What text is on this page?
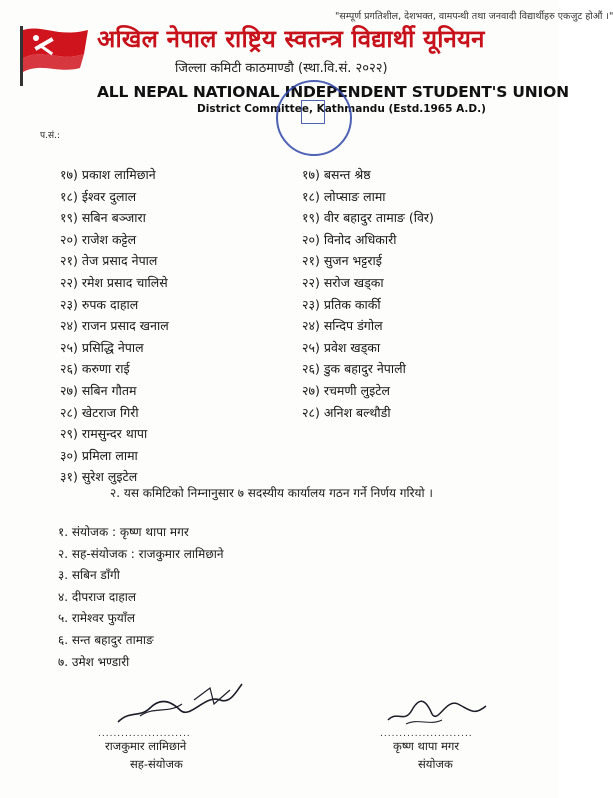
"सम्पूर्ण प्रगतिशील, देशभक्त, वामपन्थी तथा जनवादी विद्यार्थीहरु एकजुट होऔं ।"
अखिल नेपाल राष्ट्रिय स्वतन्त्र विद्यार्थी यूनियन
जिल्ला कमिटी काठमाण्डौ (स्था.वि.सं. २०२२)
ALL NEPAL NATIONAL INDEPENDENT STUDENT'S UNION
District Committee, Kathmandu (Estd.1965 A.D.)
प.सं.:
१७) प्रकाश लामिछाने
१८) ईश्वर दुलाल
१९) सबिन बञ्जारा
२०) राजेश कट्टेल
२१) तेज प्रसाद नेपाल
२२) रमेश प्रसाद चालिसे
२३) रुपक दाहाल
२४) राजन प्रसाद खनाल
२५) प्रसिद्धि नेपाल
२६) करुणा राई
२७) सबिन गौतम
२८) खेटराज गिरी
२९) रामसुन्दर थापा
३०) प्रमिला लामा
३१) सुरेश लुइटेल
१७) बसन्त श्रेष्ठ
१८) लोप्साङ लामा
१९) वीर बहादुर तामाङ (विर)
२०) विनोद अधिकारी
२१) सुजन भट्टराई
२२) सरोज खड्का
२३) प्रतिक कार्की
२४) सन्दिप डंगोल
२५) प्रवेश खड्का
२६) डुक बहादुर नेपाली
२७) रचमणी लुइटेल
२८) अनिश बल्थौडी
२. यस कमिटिको निम्नानुसार ७ सदस्यीय कार्यालय गठन गर्ने निर्णय गरियो ।
१. संयोजक : कृष्ण थापा मगर
२. सह-संयोजक : राजकुमार लामिछाने
३. सबिन डाँगी
४. दीपराज दाहाल
५. रामेश्वर फुयाँल
६. सन्त बहादुर तामाङ
७. उमेश भण्डारी
........................	........................
राजकुमार लामिछाने
सह-संयोजक
कृष्ण थापा मगर
संयोजक
